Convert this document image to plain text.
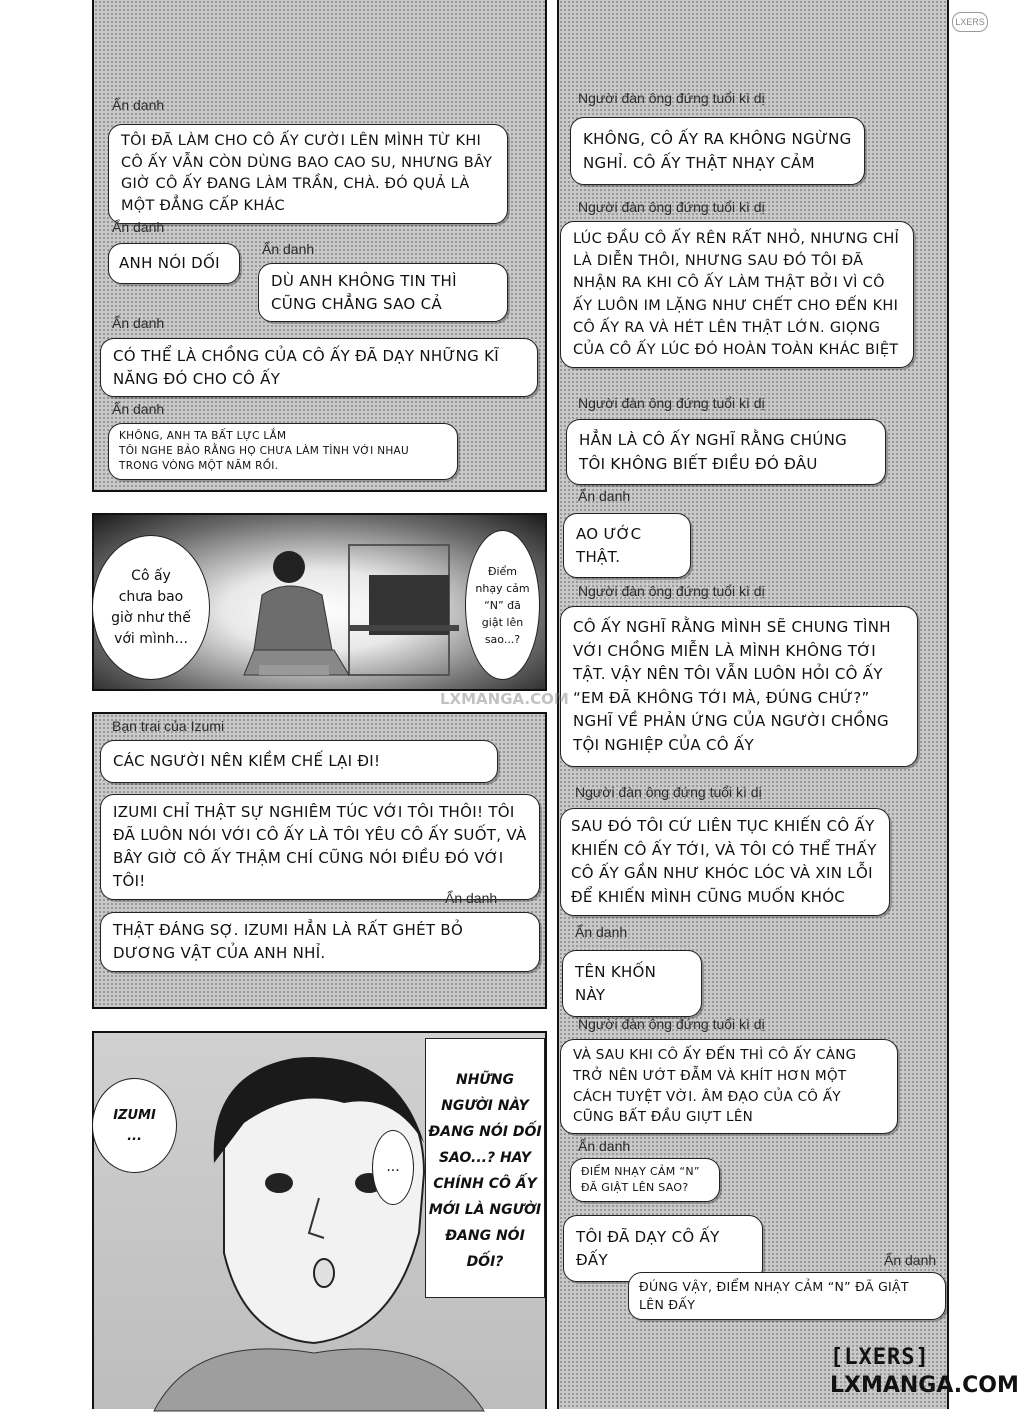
LXERS
Ẩn danh
TÔI ĐÃ LÀM CHO CÔ ẤY CƯỜI LÊN MÌNH TỪ KHI CÔ ẤY VẪN CÒN DÙNG BAO CAO SU, NHƯNG BÂY GIỜ CÔ ẤY ĐANG LÀM TRẦN, CHÀ. ĐÓ QUẢ LÀ MỘT ĐẲNG CẤP KHÁC
Ẩn danh
ANH NÓI DỐI
Ẩn danh
DÙ ANH KHÔNG TIN THÌ CŨNG CHẲNG SAO CẢ
Ẩn danh
CÓ THỂ LÀ CHỒNG CỦA CÔ ẤY ĐÃ DẠY NHỮNG KĨ NĂNG ĐÓ CHO CÔ ẤY
Ẩn danh
KHÔNG, ANH TA BẤT LỰC LẮM
TÔI NGHE BẢO RẰNG HỌ CHƯA LÀM TÌNH VỚI NHAU TRONG VÒNG MỘT NĂM RỒI.
Cô ấy
chưa bao
giờ như thế
với mình...
Điểm
nhạy cảm
“N” đã
giật lên
sao...?
Bạn trai của Izumi
CÁC NGƯỜI NÊN KIỀM CHẾ LẠI ĐI!
IZUMI CHỈ THẬT SỰ NGHIÊM TÚC VỚI TÔI THÔI! TÔI ĐÃ LUÔN NÓI VỚI CÔ ẤY LÀ TÔI YÊU CÔ ẤY SUỐT, VÀ BÂY GIỜ CÔ ẤY THẬM CHÍ CŨNG NÓI ĐIỀU ĐÓ VỚI TÔI!
Ẩn danh
THẬT ĐÁNG SỢ. IZUMI HẲN LÀ RẤT GHÉT BỎ DƯƠNG VẬT CỦA ANH NHỈ.
IZUMI
...
...
NHỮNG
NGƯỜI NÀY
ĐANG NÓI DỐI
SAO...? HAY
CHÍNH CÔ ẤY
MỚI LÀ NGƯỜI
ĐANG NÓI
DỐI?
Người đàn ông đứng tuổi kì dị
KHÔNG, CÔ ẤY RA KHÔNG NGỪNG NGHỈ. CÔ ẤY THẬT NHẠY CẢM
Người đàn ông đứng tuổi kì dị
LÚC ĐẦU CÔ ẤY RÊN RẤT NHỎ, NHƯNG CHỈ LÀ DIỄN THÔI, NHƯNG SAU ĐÓ TÔI ĐÃ NHẬN RA KHI CÔ ẤY LÀM THẬT BỞI VÌ CÔ ẤY LUÔN IM LẶNG NHƯ CHẾT CHO ĐẾN KHI CÔ ẤY RA VÀ HÉT LÊN THẬT LỚN. GIỌNG CỦA CÔ ẤY LÚC ĐÓ HOÀN TOÀN KHÁC BIỆT
Người đàn ông đứng tuổi kì dị
HẲN LÀ CÔ ẤY NGHĨ RẰNG CHÚNG TÔI KHÔNG BIẾT ĐIỀU ĐÓ ĐÂU
Ẩn danh
AO ƯỚC THẬT.
Người đàn ông đứng tuổi kì dị
CÔ ẤY NGHĨ RẰNG MÌNH SẼ CHUNG TÌNH VỚI CHỒNG MIỄN LÀ MÌNH KHÔNG TỚI TẬT. VẬY NÊN TÔI VẪN LUÔN HỎI CÔ ẤY “EM ĐÃ KHÔNG TỚI MÀ, ĐÚNG CHỨ?” NGHĨ VỀ PHẢN ỨNG CỦA NGƯỜI CHỒNG TỘI NGHIỆP CỦA CÔ ẤY
Người đàn ông đứng tuổi kì dị
SAU ĐÓ TÔI CỨ LIÊN TỤC KHIẾN CÔ ẤY KHIẾN CÔ ẤY TỚI, VÀ TÔI CÓ THỂ THẤY CÔ ẤY GẦN NHƯ KHÓC LÓC VÀ XIN LỖI ĐỂ KHIẾN MÌNH CŨNG MUỐN KHÓC
Ẩn danh
TÊN KHỐN NÀY
Người đàn ông đứng tuổi kì dị
VÀ SAU KHI CÔ ẤY ĐẾN THÌ CÔ ẤY CÀNG TRỞ NÊN ƯỚT ĐẪM VÀ KHÍT HƠN MỘT CÁCH TUYỆT VỜI. ÂM ĐẠO CỦA CÔ ẤY CŨNG BẤT ĐẦU GIỰT LÊN
Ẩn danh
ĐIỂM NHẠY CẢM “N” ĐÃ GIẬT LÊN SAO?
TÔI ĐÃ DẠY CÔ ẤY ĐẤY	Ẩn danh
ĐÚNG VẬY, ĐIỂM NHẠY CẢM “N” ĐÃ GIẬT LÊN ĐẤY
LXMANGA.COM
[LXERS]
LXMANGA.COM
